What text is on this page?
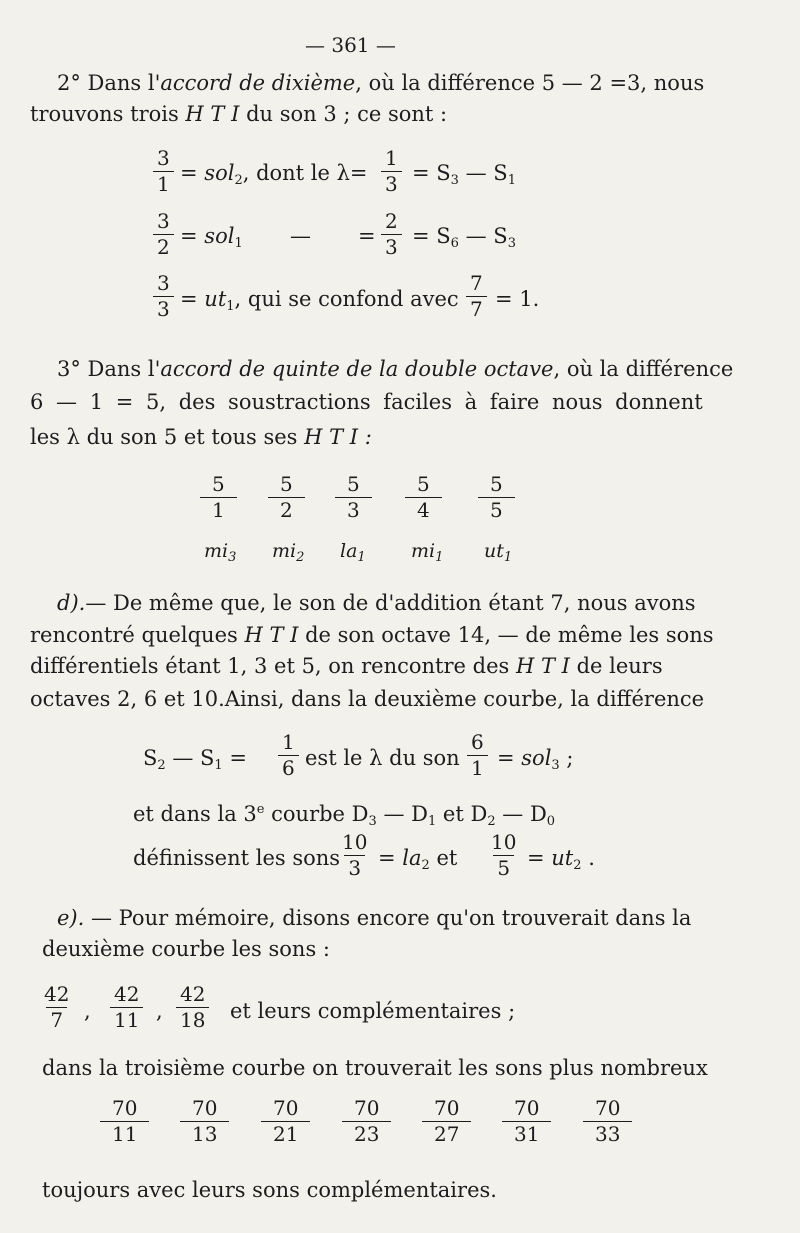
— 361 —
2° Dans l'accord de dixième, où la différence 5 — 2 =3, nous
trouvons trois H T I du son 3 ; ce sont :
$\frac{3}{1} = sol_2$, dont le $\lambda= \frac{1}{3} = S_3$ — $S_1$
$\frac{3}{2} = sol_1$ — = $\frac{2}{3} = S_6$ — $S_3$
$\frac{3}{3} = ut_1$, qui se confond avec $\frac{7}{7} = 1$.
3° Dans l'accord de quinte de la double octave, où la différence
6 — 1 = 5, des soustractions faciles à faire nous donnent
les λ du son 5 et tous ses H T I :
$\frac{5}{1} \frac{5}{2} \frac{5}{3} \frac{5}{4} \frac{5}{5}$
$mi_3$ $mi_2$ $la_1$ $mi_1$ $ut_1$
d).— De même que, le son de d'addition étant 7, nous avons
rencontré quelques H T I de son octave 14, — de même les sons
différentiels étant 1, 3 et 5, on rencontre des H T I de leurs
octaves 2, 6 et 10.Ainsi, dans la deuxième courbe, la différence
$S_2$ — $S_1 = \frac{1}{6}$ est le λ du son $\frac{6}{1} = sol_3$ ;
et dans la 3e courbe $D_3$ — $D_1$ et $D_2$ — $D_0$
définissent les sons
$\frac{10}{3} = la_2$ et $\frac{10}{5} = ut_2$ .
e). — Pour mémoire, disons encore qu'on trouverait dans la
deuxième courbe les sons :
$\frac{42}{7}$ , $\frac{42}{11}$ , $\frac{42}{18}$ et leurs complémentaires ;
dans la troisième courbe on trouverait les sons plus nombreux
$\frac{70}{11} \frac{70}{13} \frac{70}{21} \frac{70}{23} \frac{70}{27} \frac{70}{31} \frac{70}{33}$
toujours avec leurs sons complémentaires.
